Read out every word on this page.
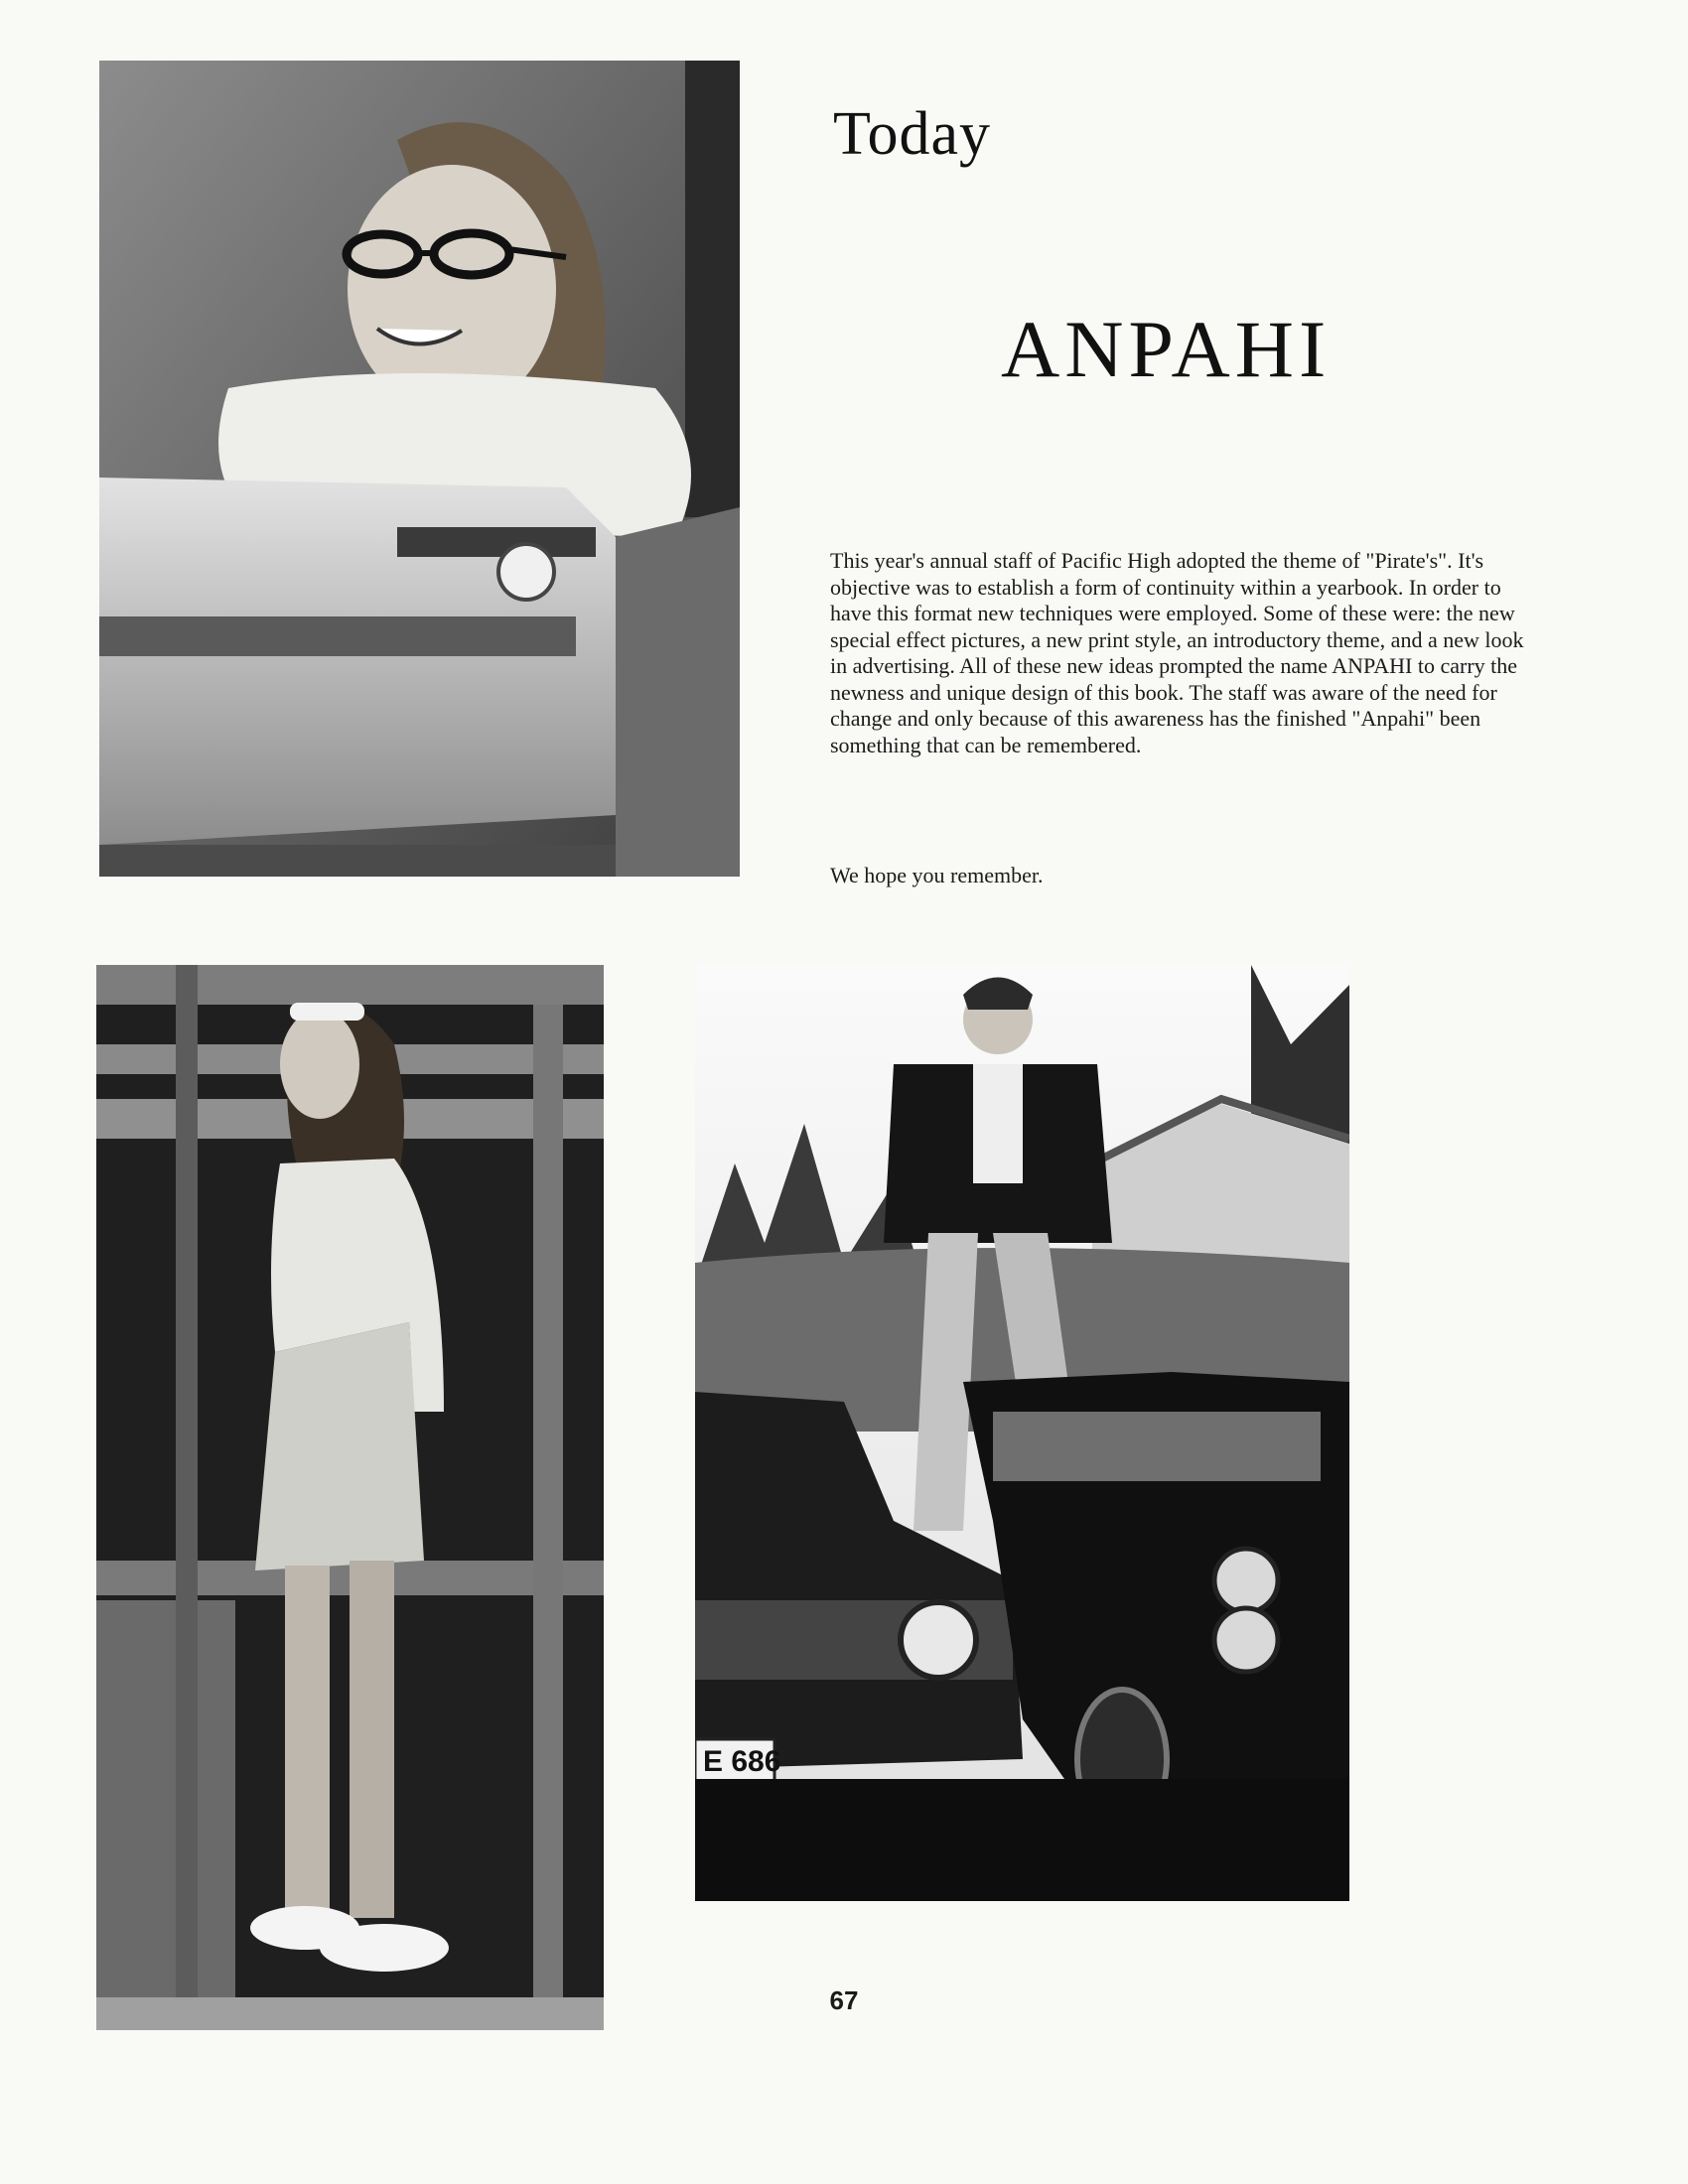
Today
ANPAHI

This year's annual staff of Pacific High adopted the theme of "Pirate's". It's objective was to establish a form of continuity within a yearbook. In order to have this format new techniques were employed. Some of these were: the new special effect pictures, a new print style, an introductory theme, and a new look in advertising. All of these new ideas prompted the name ANPAHI to carry the newness and unique design of this book. The staff was aware of the need for change and only because of this awareness has the finished "Anpahi" been something that can be remembered.

We hope you remember.

E 686
67
